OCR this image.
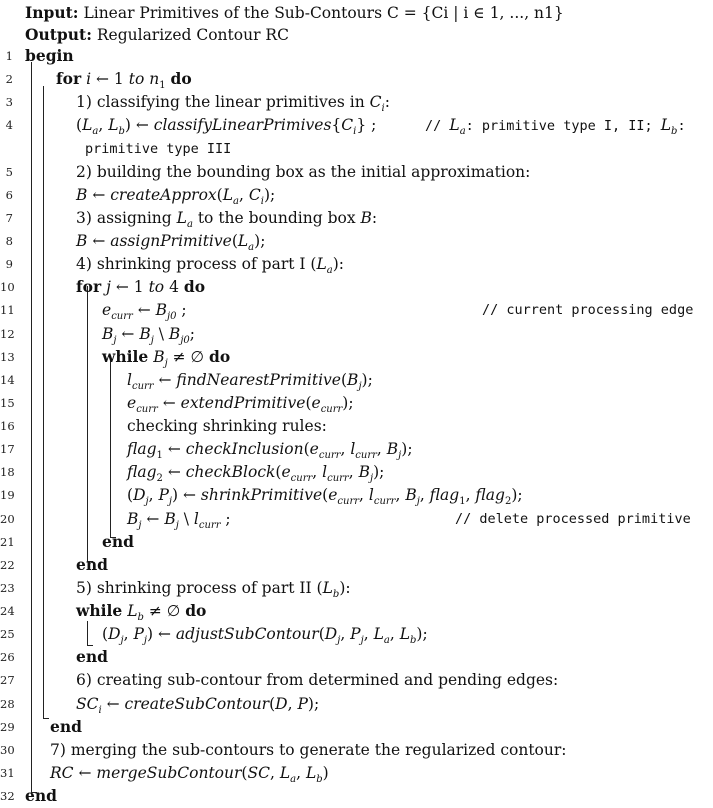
Input: Linear Primitives of the Sub-Contours C = {Ci | i ∈ 1, ..., n1}
Output: Regularized Contour RC
1 begin
2	for i ← 1 to $n_1$ do
3	1) classifying the linear primitives in $C_i$:
4	($L_a$, $L_b$) ← $classifyLinearPrimives\{C_i\}$ ;	// $L_a$: primitive type I, II; $L_b$:
primitive type III
5	2) building the bounding box as the initial approximation:
6	B ← $createApprox(L_a$, $C_i$);
7	3) assigning $L_a$ to the bounding box B:
8	B ← $assignPrimitive(L_a)$;
9	4) shrinking process of part I $(L_a)$:
10	for j ← 1 to 4 do
11	$e_{curr}$ ← $B_{j0}$ ;	// current processing edge
12	$B_j$ ← $B_j$ \ $B_{j0}$;
13	while $B_j$ ≠ ∅ do
14	$l_{curr}$ ← $findNearestPrimitive(B_j)$;
15	$e_{curr}$ ← $extendPrimitive(e_{curr})$;
16	checking shrinking rules:
17	flag$_1$ ← $checkInclusion(e_{curr}$, $l_{curr}$, $B_j$);
18	flag$_2$ ← $checkBlock(e_{curr}$, $l_{curr}$, $B_j$);
19	($D_j$, $P_j$) ← $shrinkPrimitive(e_{curr}$, $l_{curr}$, $B_j$, flag$_1$, flag$_2$);
20	$B_j$ ← $B_j$ \ $l_{curr}$ ;	// delete processed primitive
21	end
22	end
23	5) shrinking process of part II $(L_b)$:
24	while $L_b$ ≠ ∅ do
25	($D_j$, $P_j$) ← $adjustSubContour(D_j$, $P_j$, $L_a$, $L_b$);
26	end
27	6) creating sub-contour from determined and pending edges:
28	$SC_i$ ← createSubContour(D, P);
29 end
30 7) merging the sub-contours to generate the regularized contour:
31 RC ← mergeSubContour(SC, $L_a$, $L_b$)
32 end
